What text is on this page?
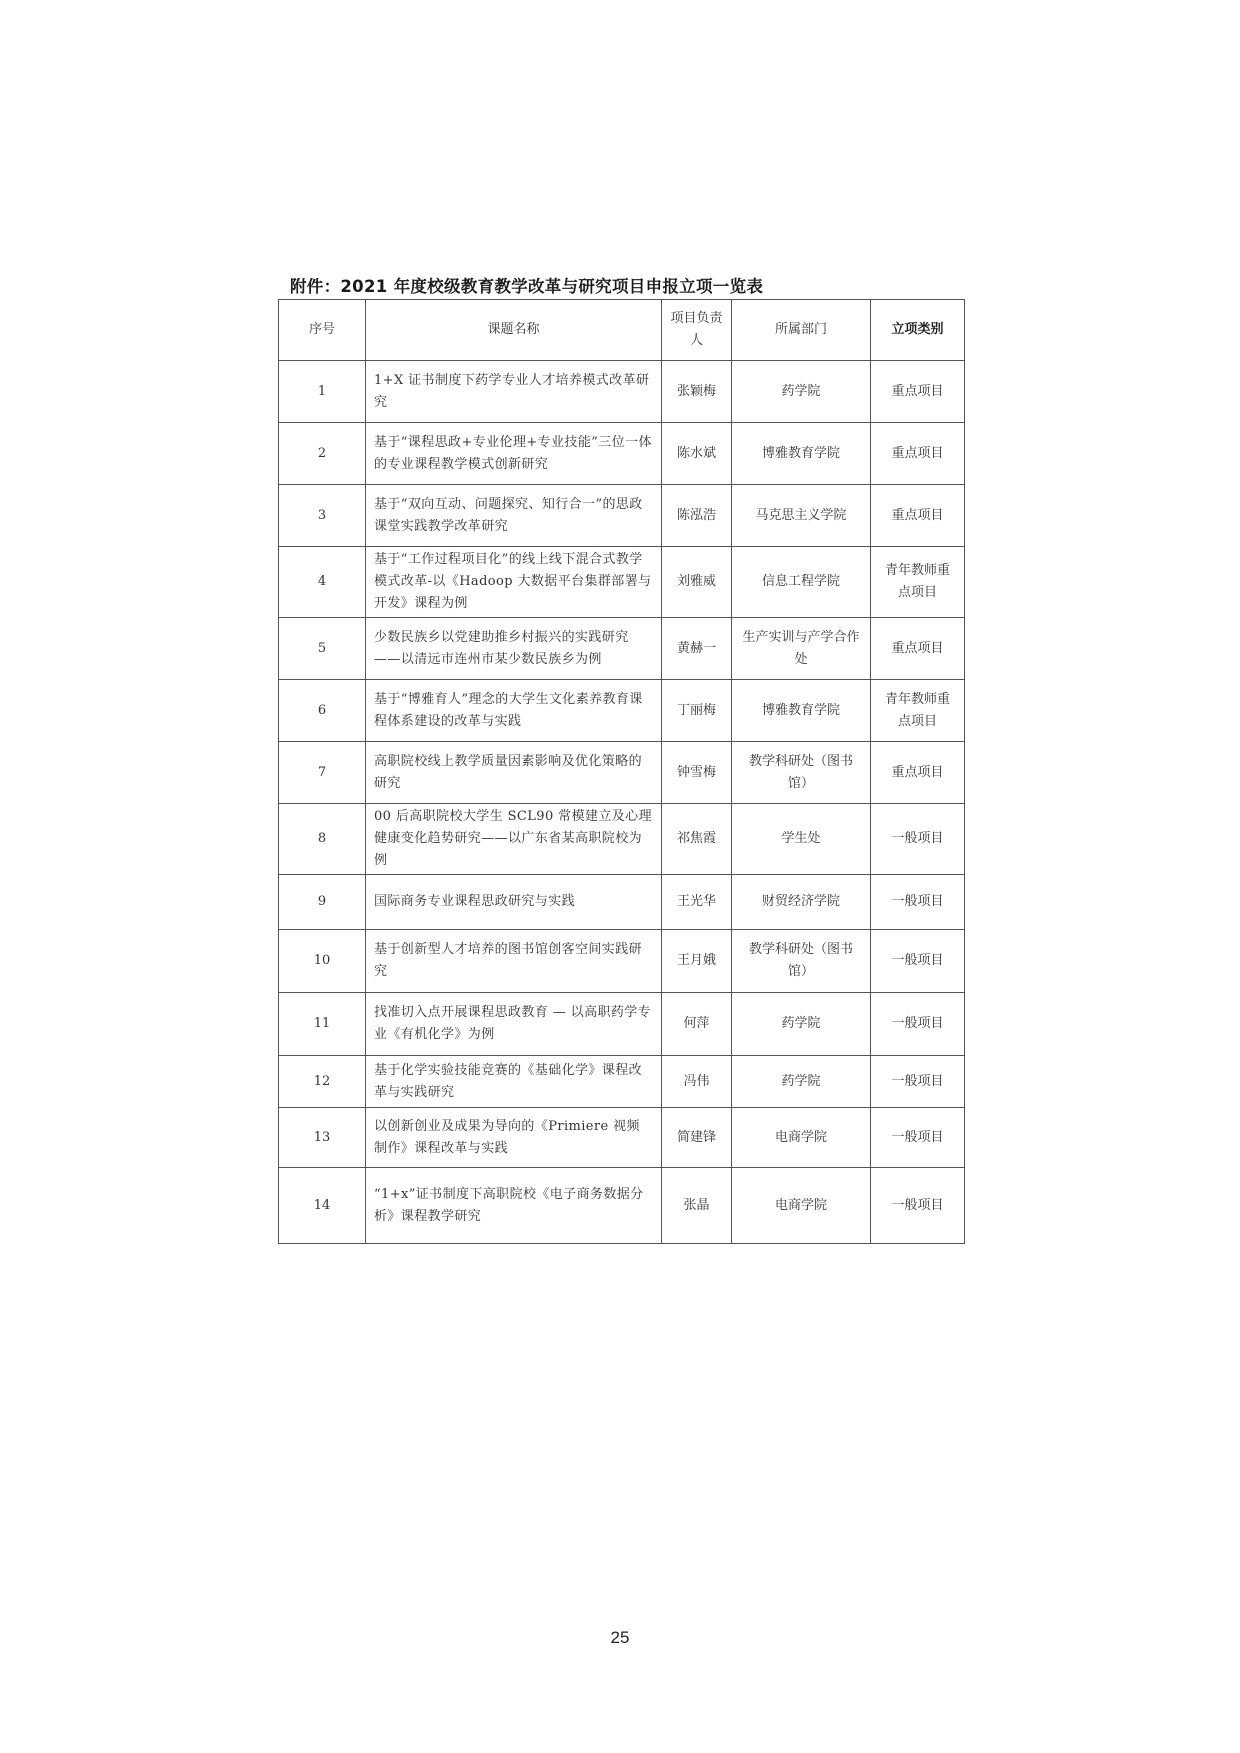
附件：2021 年度校级教育教学改革与研究项目申报立项一览表
序号	课题名称	项目负责人	所属部门	立项类别
1	1+X 证书制度下药学专业人才培养模式改革研究	张颖梅	药学院	重点项目
2	基于“课程思政+专业伦理+专业技能”三位一体的专业课程教学模式创新研究	陈水斌	博雅教育学院	重点项目
3	基于“双向互动、问题探究、知行合一”的思政课堂实践教学改革研究	陈泓浩	马克思主义学院	重点项目
4	基于“工作过程项目化”的线上线下混合式教学模式改革-以《Hadoop 大数据平台集群部署与开发》课程为例	刘雅威	信息工程学院	青年教师重点项目
5	少数民族乡以党建助推乡村振兴的实践研究——以清远市连州市某少数民族乡为例	黄赫一	生产实训与产学合作处	重点项目
6	基于“博雅育人”理念的大学生文化素养教育课程体系建设的改革与实践	丁丽梅	博雅教育学院	青年教师重点项目
7	高职院校线上教学质量因素影响及优化策略的研究	钟雪梅	教学科研处（图书馆）	重点项目
8	00 后高职院校大学生 SCL90 常模建立及心理健康变化趋势研究——以广东省某高职院校为例	祁焦霞	学生处	一般项目
9	国际商务专业课程思政研究与实践	王光华	财贸经济学院	一般项目
10	基于创新型人才培养的图书馆创客空间实践研究	王月娥	教学科研处（图书馆）	一般项目
11	找准切入点开展课程思政教育 — 以高职药学专业《有机化学》为例	何萍	药学院	一般项目
12	基于化学实验技能竞赛的《基础化学》课程改革与实践研究	冯伟	药学院	一般项目
13	以创新创业及成果为导向的《Primiere 视频制作》课程改革与实践	简建锋	电商学院	一般项目
14	“1+x”证书制度下高职院校《电子商务数据分析》课程教学研究	张晶	电商学院	一般项目
25
